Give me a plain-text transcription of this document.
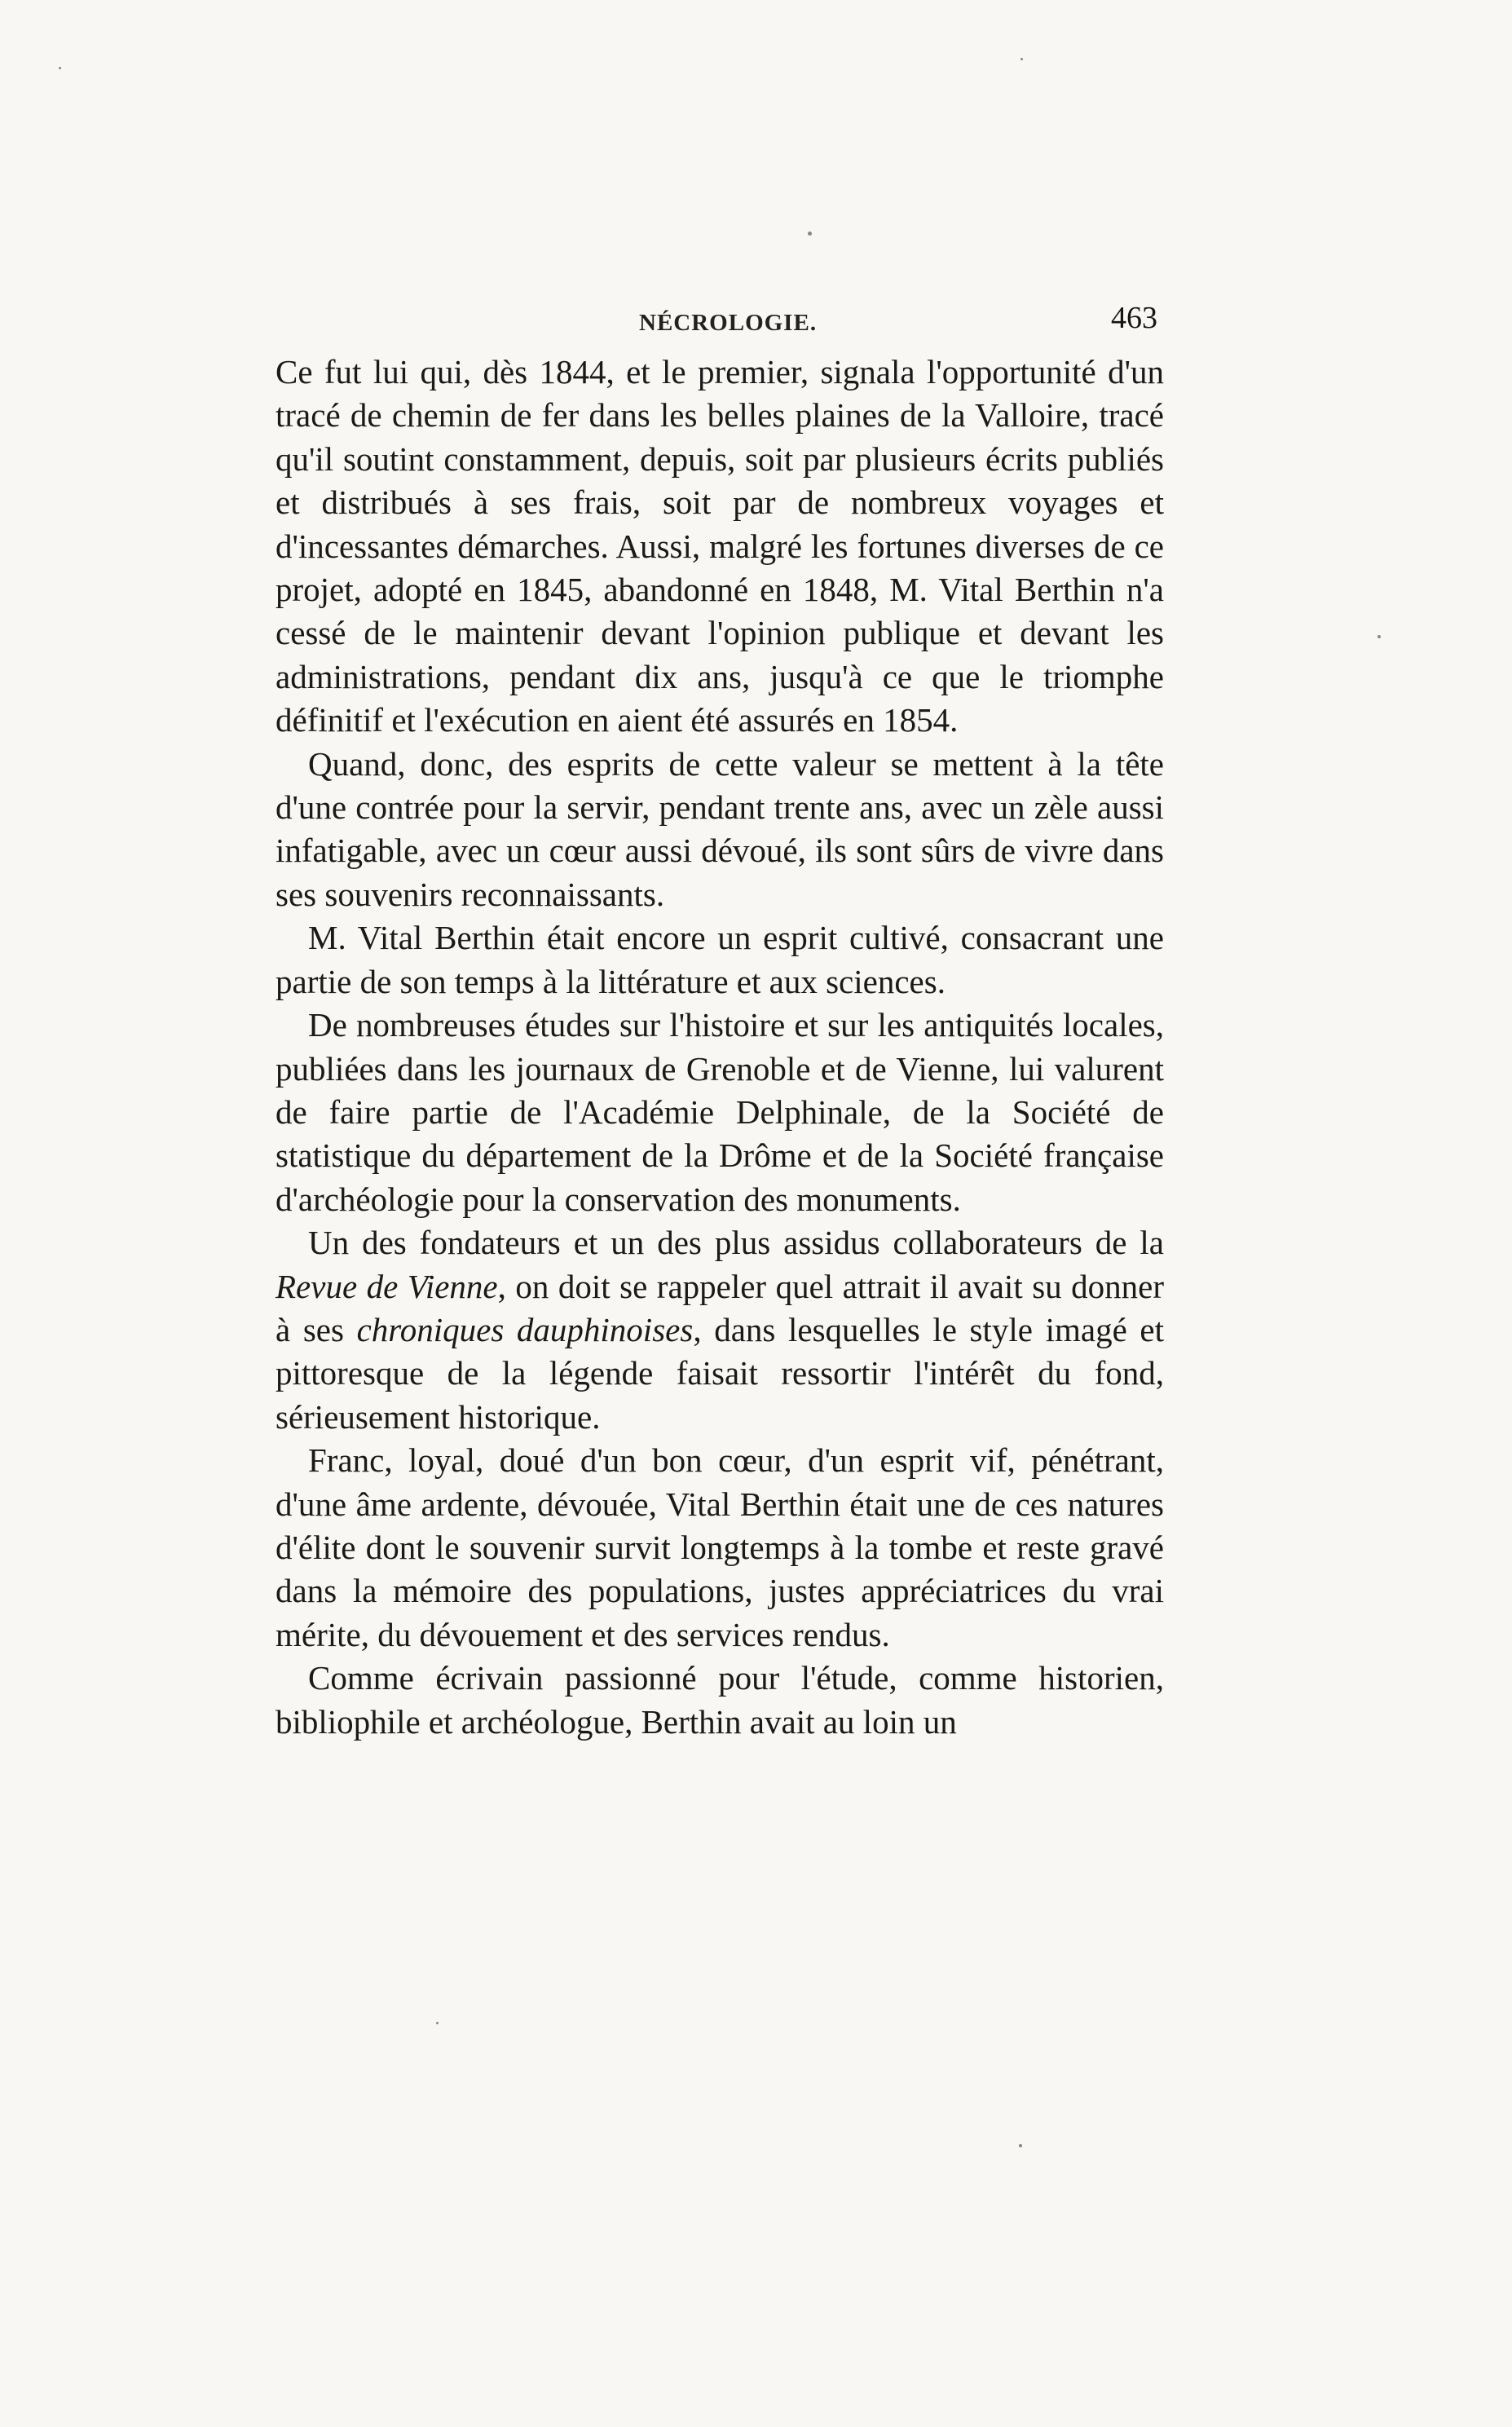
NÉCROLOGIE.	463

Ce fut lui qui, dès 1844, et le premier, signala l'opportunité d'un tracé de chemin de fer dans les belles plaines de la Valloire, tracé qu'il soutint constamment, depuis, soit par plusieurs écrits publiés et distribués à ses frais, soit par de nombreux voyages et d'incessantes démarches. Aussi, malgré les fortunes diverses de ce projet, adopté en 1845, abandonné en 1848, M. Vital Berthin n'a cessé de le maintenir devant l'opinion publique et devant les administrations, pendant dix ans, jusqu'à ce que le triomphe définitif et l'exécution en aient été assurés en 1854.

Quand, donc, des esprits de cette valeur se mettent à la tête d'une contrée pour la servir, pendant trente ans, avec un zèle aussi infatigable, avec un cœur aussi dévoué, ils sont sûrs de vivre dans ses souvenirs reconnaissants.

M. Vital Berthin était encore un esprit cultivé, consacrant une partie de son temps à la littérature et aux sciences.

De nombreuses études sur l'histoire et sur les antiquités locales, publiées dans les journaux de Grenoble et de Vienne, lui valurent de faire partie de l'Académie Delphinale, de la Société de statistique du département de la Drôme et de la Société française d'archéologie pour la conservation des monuments.

Un des fondateurs et un des plus assidus collaborateurs de la Revue de Vienne, on doit se rappeler quel attrait il avait su donner à ses chroniques dauphinoises, dans lesquelles le style imagé et pittoresque de la légende faisait ressortir l'intérêt du fond, sérieusement historique.

Franc, loyal, doué d'un bon cœur, d'un esprit vif, pénétrant, d'une âme ardente, dévouée, Vital Berthin était une de ces natures d'élite dont le souvenir survit longtemps à la tombe et reste gravé dans la mémoire des populations, justes appréciatrices du vrai mérite, du dévouement et des services rendus.

Comme écrivain passionné pour l'étude, comme historien, bibliophile et archéologue, Berthin avait au loin un
